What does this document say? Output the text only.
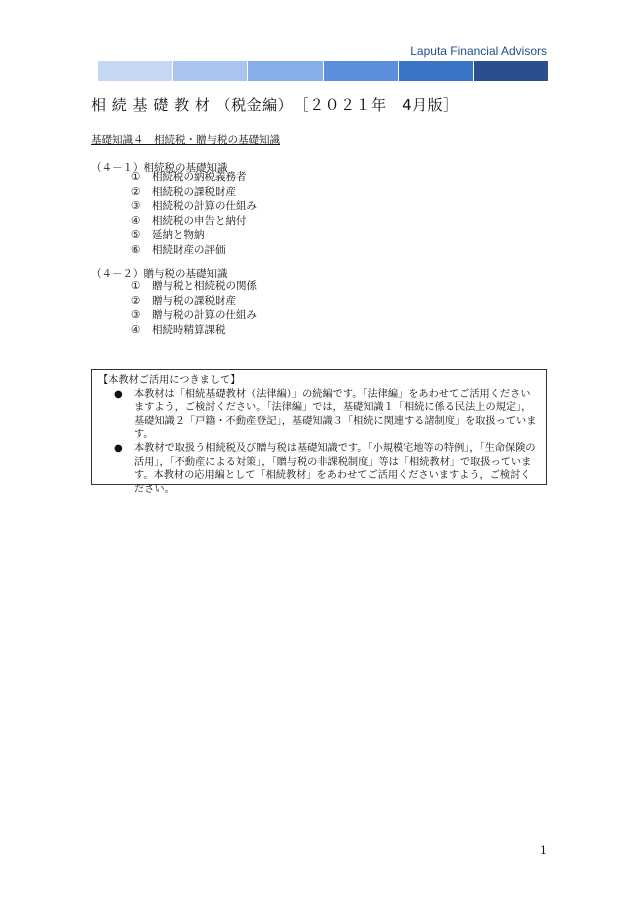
Laputa Financial Advisors
相 続 基 礎 教 材 （税金編）　［２０２１年　4月版］
基礎知識４　相続税・贈与税の基礎知識
（４－１）相続税の基礎知識
① 相続税の納税義務者
② 相続税の課税財産
③ 相続税の計算の仕組み
④ 相続税の申告と納付
⑤ 延納と物納
⑥ 相続財産の評価
（４－２）贈与税の基礎知識
① 贈与税と相続税の関係
② 贈与税の課税財産
③ 贈与税の計算の仕組み
④ 相続時精算課税
【本教材ご活用につきまして】
● 本教材は「相続基礎教材（法律編）」の続編です。「法律編」をあわせてご活用くださいますよう，ご検討ください。「法律編」では，基礎知識１「相続に係る民法上の規定」，基礎知識２「戸籍・不動産登記」，基礎知識３「相続に関連する諸制度」を取扱っています。
● 本教材で取扱う相続税及び贈与税は基礎知識です。「小規模宅地等の特例」，「生命保険の活用」，「不動産による対策」，「贈与税の非課税制度」等は「相続教材」で取扱っています。本教材の応用編として「相続教材」をあわせてご活用くださいますよう，ご検討ください。
1
